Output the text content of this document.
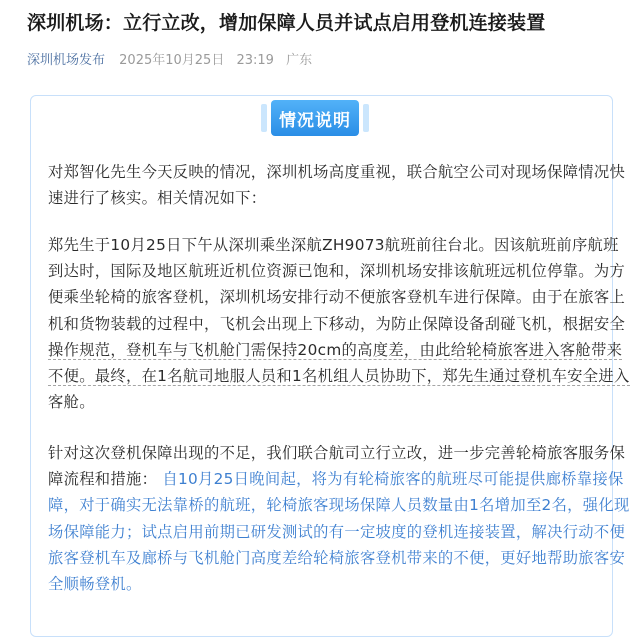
深圳机场：立行立改，增加保障人员并试点启用登机连接装置
深圳机场发布 2025年10月25日 23:19 广东
情况说明
对郑智化先生今天反映的情况，深圳机场高度重视，联合航空公司对现场保障情况快
速进行了核实。相关情况如下：
郑先生于10月25日下午从深圳乘坐深航ZH9073航班前往台北。因该航班前序航班
到达时，国际及地区航班近机位资源已饱和，深圳机场安排该航班远机位停靠。为方
便乘坐轮椅的旅客登机，深圳机场安排行动不便旅客登机车进行保障。由于在旅客上
机和货物装载的过程中，飞机会出现上下移动，为防止保障设备刮碰飞机，根据安全
操作规范，登机车与飞机舱门需保持20cm的高度差，由此给轮椅旅客进入客舱带来
不便。最终，在1名航司地服人员和1名机组人员协助下，郑先生通过登机车安全进入
客舱。
针对这次登机保障出现的不足，我们联合航司立行立改，进一步完善轮椅旅客服务保
障流程和措施： 自10月25日晚间起，将为有轮椅旅客的航班尽可能提供廊桥靠接保
障，对于确实无法靠桥的航班，轮椅旅客现场保障人员数量由1名增加至2名，强化现
场保障能力；试点启用前期已研发测试的有一定坡度的登机连接装置，解决行动不便
旅客登机车及廊桥与飞机舱门高度差给轮椅旅客登机带来的不便，更好地帮助旅客安
全顺畅登机。
